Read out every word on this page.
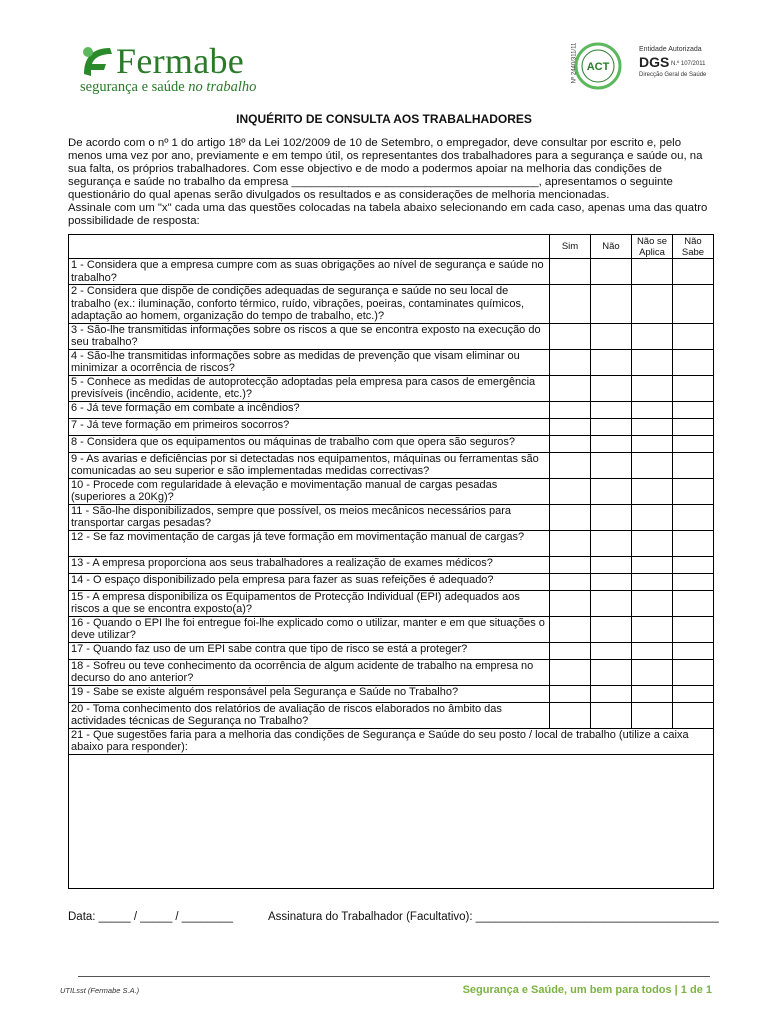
Fermabe
segurança e saúde no trabalho
Nº 2440/311/11 ACT
Entidade Autorizada
DGS N.º 107/2011
Direcção Geral de Saúde
INQUÉRITO DE CONSULTA AOS TRABALHADORES

De acordo com o nº 1 do artigo 18º da Lei 102/2009 de 10 de Setembro, o empregador, deve consultar por escrito e, pelo menos uma vez por ano, previamente e em tempo útil, os representantes dos trabalhadores para a segurança e saúde ou, na sua falta, os próprios trabalhadores. Com esse objectivo e de modo a podermos apoiar na melhoria das condições de segurança e saúde no trabalho da empresa _______________________________________, apresentamos o seguinte questionário do qual apenas serão divulgados os resultados e as considerações de melhoria mencionadas.

Assinale com um "x" cada uma das questões colocadas na tabela abaixo selecionando em cada caso, apenas uma das quatro possibilidade de resposta:

	Sim	Não	Não se Aplica	Não Sabe
1 - Considera que a empresa cumpre com as suas obrigações ao nível de segurança e saúde no trabalho?				
2 - Considera que dispõe de condições adequadas de segurança e saúde no seu local de trabalho (ex.: iluminação, conforto térmico, ruído, vibrações, poeiras, contaminates químicos, adaptação ao homem, organização do tempo de trabalho, etc.)?				
3 - São-lhe transmitidas informações sobre os riscos a que se encontra exposto na execução do seu trabalho?				
4 - São-lhe transmitidas informações sobre as medidas de prevenção que visam eliminar ou minimizar a ocorrência de riscos?				
5 - Conhece as medidas de autoprotecção adoptadas pela empresa para casos de emergência previsíveis (incêndio, acidente, etc.)?				
6 - Já teve formação em combate a incêndios?				
7 - Já teve formação em primeiros socorros?				
8 - Considera que os equipamentos ou máquinas de trabalho com que opera são seguros?				
9 - As avarias e deficiências por si detectadas nos equipamentos, máquinas ou ferramentas são comunicadas ao seu superior e são implementadas medidas correctivas?				
10 - Procede com regularidade à elevação e movimentação manual de cargas pesadas (superiores a 20Kg)?				
11 - São-lhe disponibilizados, sempre que possível, os meios mecânicos necessários para transportar cargas pesadas?				
12 - Se faz movimentação de cargas já teve formação em movimentação manual de cargas?				
13 - A empresa proporciona aos seus trabalhadores a realização de exames médicos?				
14 - O espaço disponibilizado pela empresa para fazer as suas refeições é adequado?				
15 - A empresa disponibiliza os Equipamentos de Protecção Individual (EPI) adequados aos riscos a que se encontra exposto(a)?				
16 - Quando o EPI lhe foi entregue foi-lhe explicado como o utilizar, manter e em que situações o deve utilizar?				
17 - Quando faz uso de um EPI sabe contra que tipo de risco se está a proteger?				
18 - Sofreu ou teve conhecimento da ocorrência de algum acidente de trabalho na empresa no decurso do ano anterior?				
19 - Sabe se existe alguém responsável pela Segurança e Saúde no Trabalho?				
20 - Toma conhecimento dos relatórios de avaliação de riscos elaborados no âmbito das actividades técnicas de Segurança no Trabalho?				
21 - Que sugestões faria para a melhoria das condições de Segurança e Saúde do seu posto / local de trabalho (utilize a caixa abaixo para responder):				

Data: _____ / _____ / ________	Assinatura do Trabalhador (Facultativo): ______________________________________
UTILsst (Fermabe S.A.)	Segurança e Saúde, um bem para todos | 1 de 1
